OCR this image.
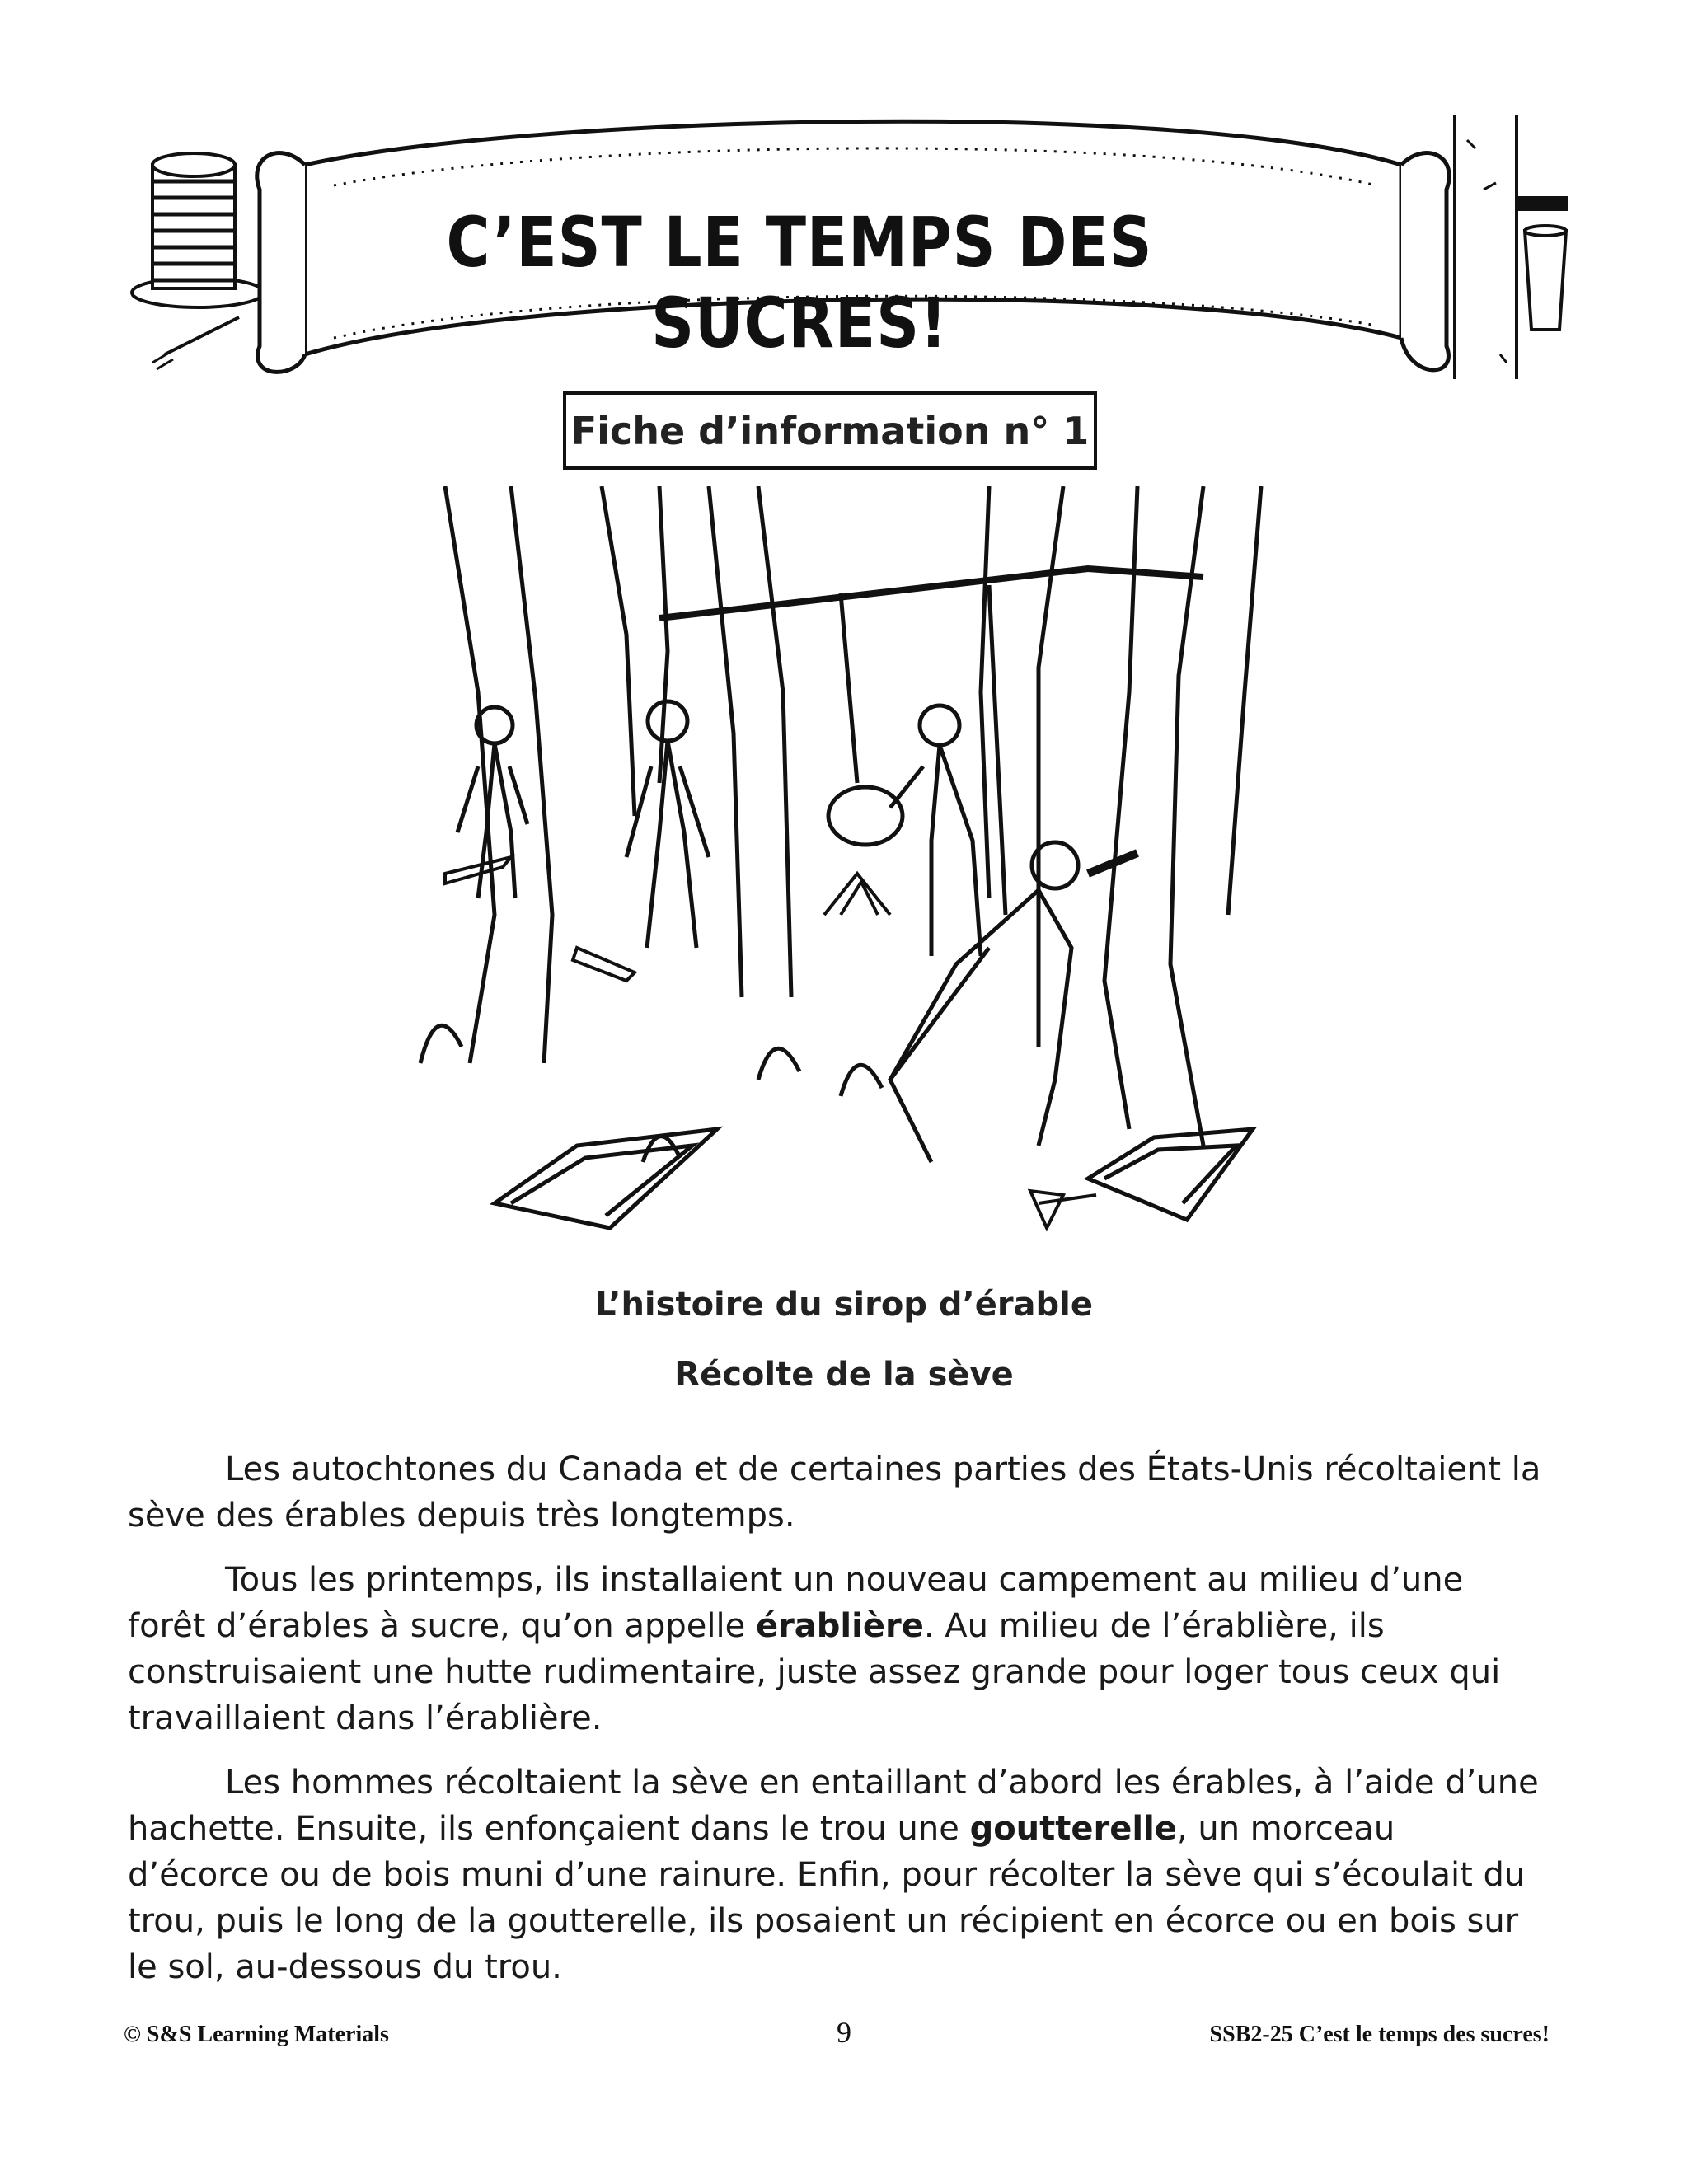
C’EST LE TEMPS DES SUCRES!
Fiche d’information n° 1
L’histoire du sirop d’érable
Récolte de la sève

Les autochtones du Canada et de certaines parties des États-Unis récoltaient la sève des érables depuis très longtemps.

Tous les printemps, ils installaient un nouveau campement au milieu d’une forêt d’érables à sucre, qu’on appelle érablière. Au milieu de l’érablière, ils construisaient une hutte rudimentaire, juste assez grande pour loger tous ceux qui travaillaient dans l’érablière.

Les hommes récoltaient la sève en entaillant d’abord les érables, à l’aide d’une hachette. Ensuite, ils enfonçaient dans le trou une goutterelle, un morceau d’écorce ou de bois muni d’une rainure. Enfin, pour récolter la sève qui s’écoulait du trou, puis le long de la goutterelle, ils posaient un récipient en écorce ou en bois sur le sol, au-dessous du trou.

© S&S Learning Materials	9	SSB2-25 C’est le temps des sucres!
